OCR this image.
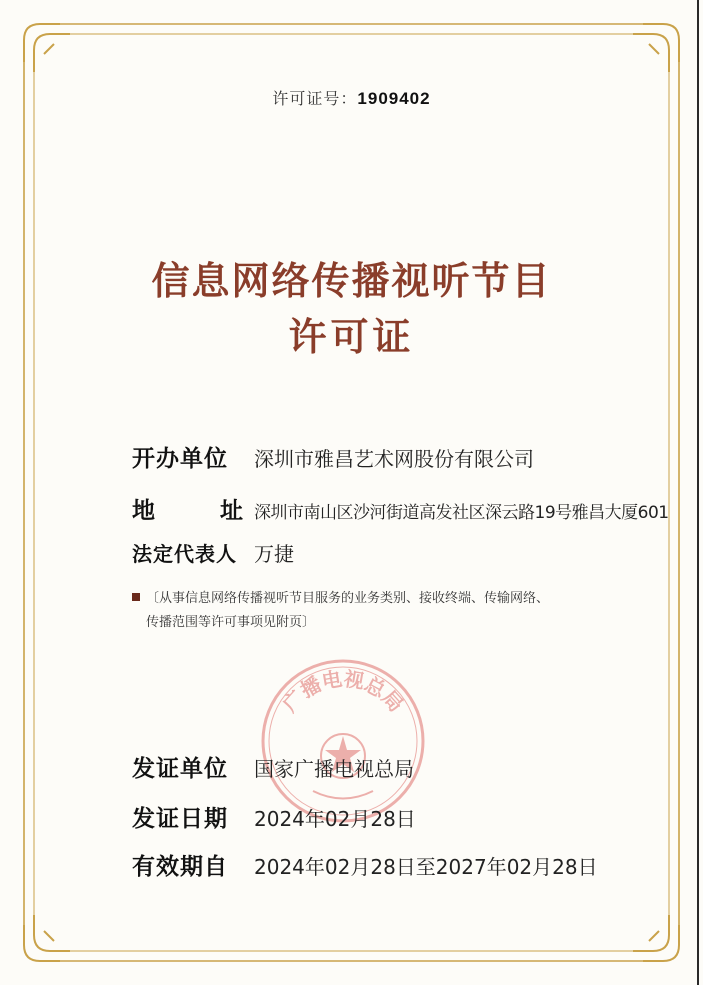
许可证号：1909402
信息网络传播视听节目
许可证
开办单位	深圳市雅昌艺术网股份有限公司
地	址 深圳市南山区沙河街道高发社区深云路19号雅昌大厦601
法定代表人 万捷
〔从事信息网络传播视听节目服务的业务类别、接收终端、传输网络、
传播范围等许可事项见附页〕
广播电视总局
发证单位	国家广播电视总局
发证日期	2024年02月28日
有效期自	2024年02月28日至2027年02月28日
